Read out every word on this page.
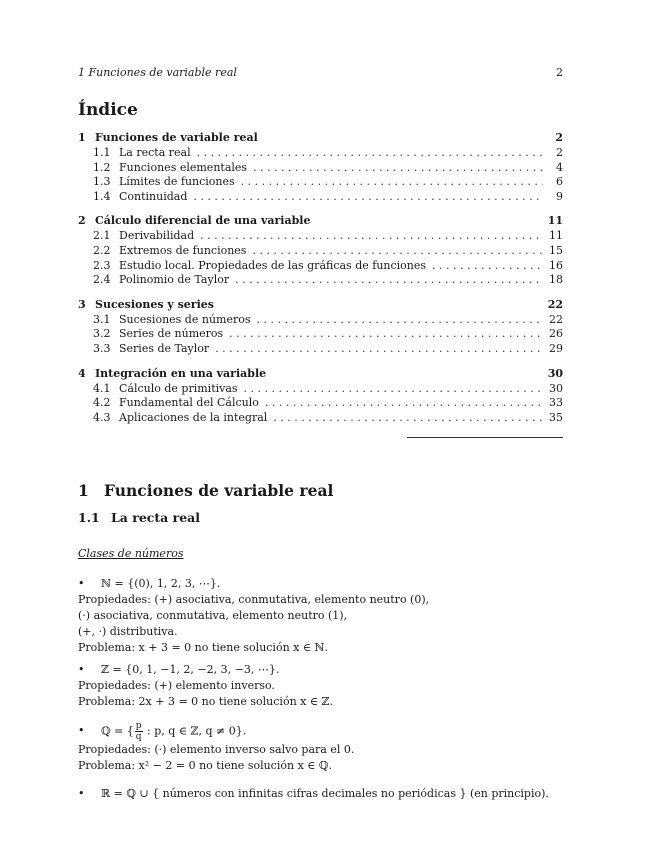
1 Funciones de variable real	2
Índice
1 Funciones de variable real	2
1.1 La recta real . . .	2
1.2 Funciones elementales . . .	4
1.3 Límites de funciones . . .	6
1.4 Continuidad . . .	9
2 Cálculo diferencial de una variable	11
2.1 Derivabilidad . . .	11
2.2 Extremos de funciones . . .	15
2.3 Estudio local. Propiedades de las gráficas de funciones . . .	16
2.4 Polinomio de Taylor . . .	18
3 Sucesiones y series	22
3.1 Sucesiones de números . . .	22
3.2 Series de números . . .	26
3.3 Series de Taylor . . .	29
4 Integración en una variable	30
4.1 Cálculo de primitivas . . .	30
4.2 Fundamental del Cálculo . . .	33
4.3 Aplicaciones de la integral . . .	35
1 Funciones de variable real
1.1 La recta real
Clases de números
•	ℕ = {(0), 1, 2, 3, ⋯}.

Propiedades: (+) asociativa, conmutativa, elemento neutro (0),

(·) asociativa, conmutativa, elemento neutro (1),

(+, ·) distributiva.

Problema: x + 3 = 0 no tiene solución x ∈ ℕ.

•	ℤ = {0, 1, −1, 2, −2, 3, −3, ⋯}.

Propiedades: (+) elemento inverso.

Problema: 2x + 3 = 0 no tiene solución x ∈ ℤ.

•	ℚ = { $\frac{p}{q}$ : p, q ∈ ℤ, q ≠ 0}.

Propiedades: (·) elemento inverso salvo para el 0.

Problema: x² − 2 = 0 no tiene solución x ∈ ℚ.

•	ℝ = ℚ ∪ { números con infinitas cifras decimales no periódicas } (en principio).
